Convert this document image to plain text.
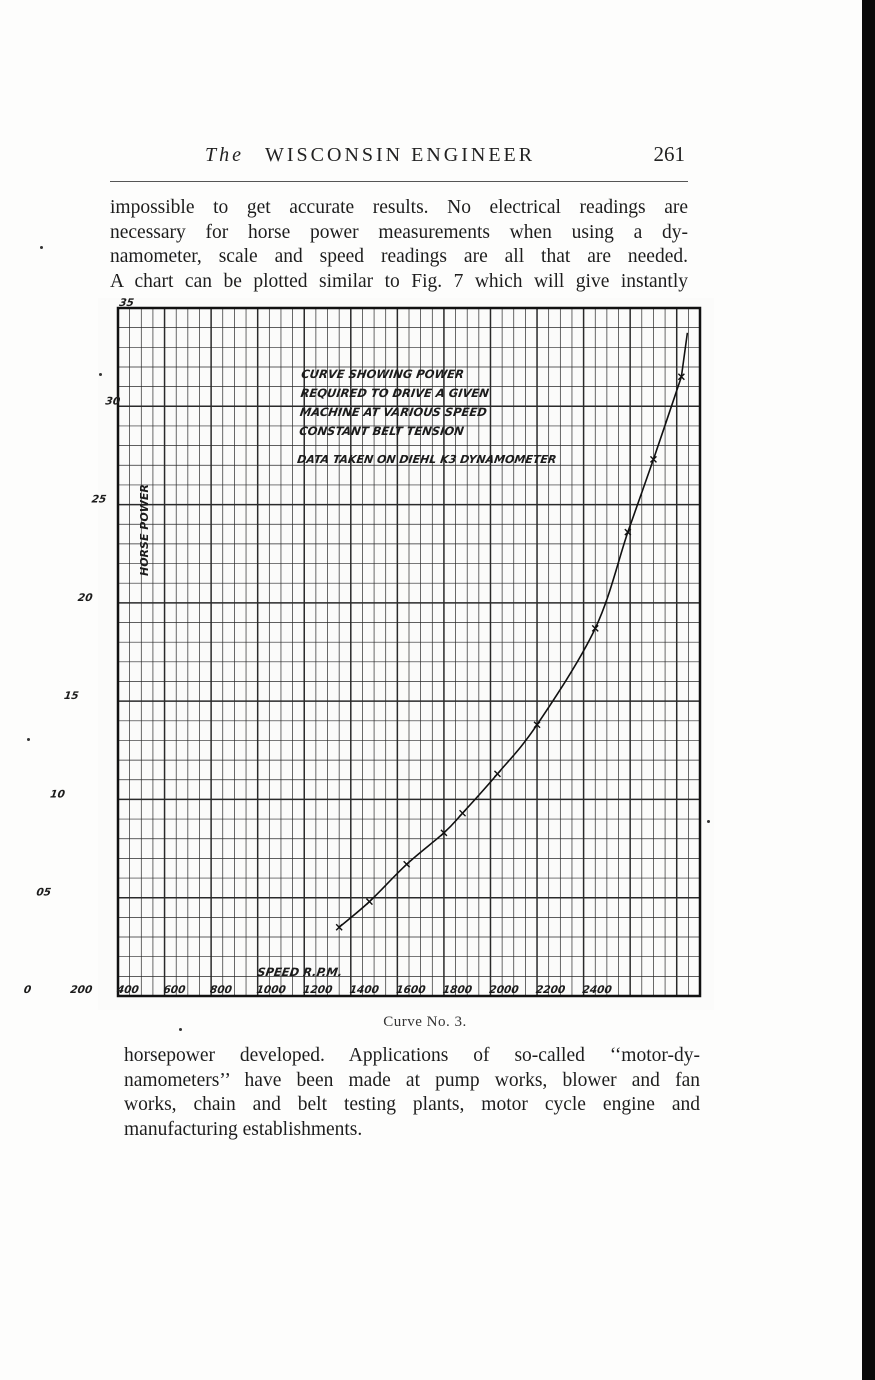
The WISCONSIN ENGINEER	261
impossible to get accurate results. No electrical readings are
necessary for horse power measurements when using a dy-
namometer, scale and speed readings are all that are needed.
A chart can be plotted similar to Fig. 7 which will give instantly
0	200 400 600 800 1000 1200 1400 1600 1800 2000 2200 2400
05
10
15
20
25
30
35
CURVE SHOWING POWER
REQUIRED TO DRIVE A GIVEN
MACHINE AT VARIOUS SPEED
CONSTANT BELT TENSION
DATA TAKEN ON DIEHL K3 DYNAMOMETER
HORSE POWER
SPEED R.P.M.
Curve No. 3.
horsepower developed. Applications of so-called ‘‘motor-dy-
namometers’’ have been made at pump works, blower and fan
works, chain and belt testing plants, motor cycle engine and
manufacturing establishments.
